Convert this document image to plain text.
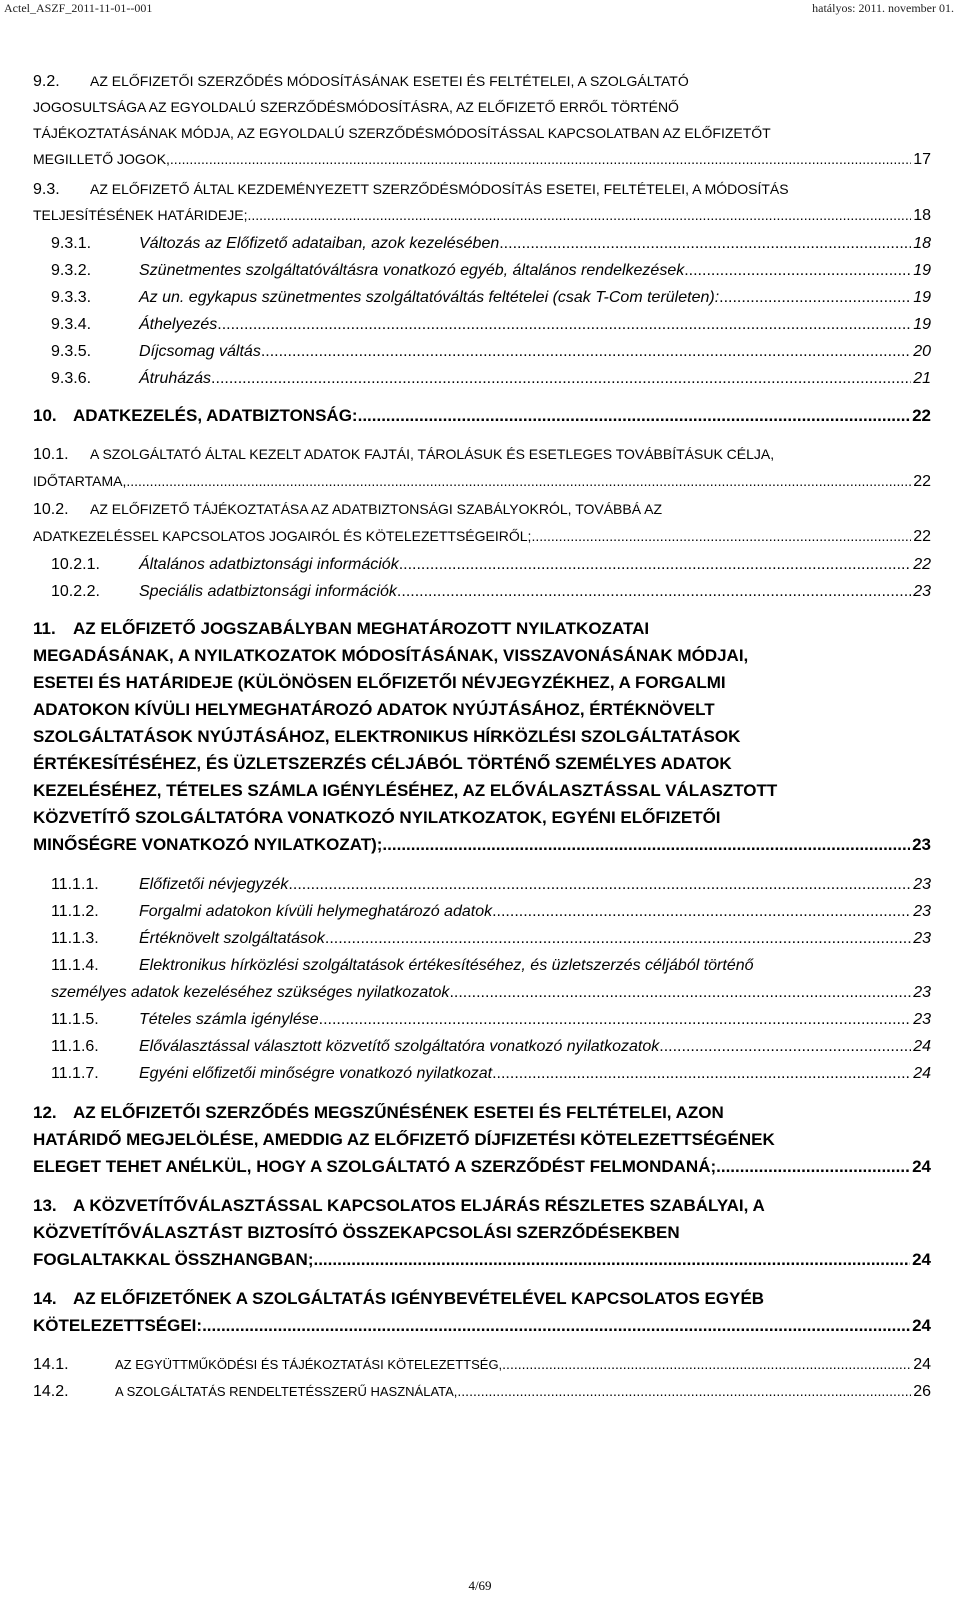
Actel_ASZF_2011-11-01--001	hatályos: 2011. november 01.
9.2.	AZ ELŐFIZETŐI SZERZŐDÉS MÓDOSÍTÁSÁNAK ESETEI ÉS FELTÉTELEI, A SZOLGÁLTATÓ
JOGOSULTSÁGA AZ EGYOLDALÚ SZERZŐDÉSMÓDOSÍTÁSRA, AZ ELŐFIZETŐ ERRŐL TÖRTÉNŐ
TÁJÉKOZTATÁSÁNAK MÓDJA, AZ EGYOLDALÚ SZERZŐDÉSMÓDOSÍTÁSSAL KAPCSOLATBAN AZ ELŐFIZETŐT
MEGILLETŐ JOGOK, .....	17
9.3.	AZ ELŐFIZETŐ ÁLTAL KEZDEMÉNYEZETT SZERZŐDÉSMÓDOSÍTÁS ESETEI, FELTÉTELEI, A MÓDOSÍTÁS
TELJESÍTÉSÉNEK HATÁRIDEJE; .....	18
9.3.1.	Változás az Előfizető adataiban, azok kezelésében .....	18
9.3.2.	Szünetmentes szolgáltatóváltásra vonatkozó egyéb, általános rendelkezések .....	19
9.3.3.	Az un. egykapus szünetmentes szolgáltatóváltás feltételei (csak T-Com területen): .....	19
9.3.4.	Áthelyezés .....	19
9.3.5.	Díjcsomag váltás .....	20
9.3.6.	Átruházás .....	21
10. ADATKEZELÉS, ADATBIZTONSÁG: .....	22
10.1.	A SZOLGÁLTATÓ ÁLTAL KEZELT ADATOK FAJTÁI, TÁROLÁSUK ÉS ESETLEGES TOVÁBBÍTÁSUK CÉLJA,
IDŐTARTAMA, .....	22
10.2.	AZ ELŐFIZETŐ TÁJÉKOZTATÁSA AZ ADATBIZTONSÁGI SZABÁLYOKRÓL, TOVÁBBÁ AZ
ADATKEZELÉSSEL KAPCSOLATOS JOGAIRÓL ÉS KÖTELEZETTSÉGEIRŐL; .....	22
10.2.1.	Általános adatbiztonsági információk .....	22
10.2.2.	Speciális adatbiztonsági információk .....	23
11.	AZ ELŐFIZETŐ JOGSZABÁLYBAN MEGHATÁROZOTT NYILATKOZATAI
MEGADÁSÁNAK, A NYILATKOZATOK MÓDOSÍTÁSÁNAK, VISSZAVONÁSÁNAK MÓDJAI,
ESETEI ÉS HATÁRIDEJE (KÜLÖNÖSEN ELŐFIZETŐI NÉVJEGYZÉKHEZ, A FORGALMI
ADATOKON KÍVÜLI HELYMEGHATÁROZÓ ADATOK NYÚJTÁSÁHOZ, ÉRTÉKNÖVELT
SZOLGÁLTATÁSOK NYÚJTÁSÁHOZ, ELEKTRONIKUS HÍRKÖZLÉSI SZOLGÁLTATÁSOK
ÉRTÉKESÍTÉSÉHEZ, ÉS ÜZLETSZERZÉS CÉLJÁBÓL TÖRTÉNŐ SZEMÉLYES ADATOK
KEZELÉSÉHEZ, TÉTELES SZÁMLA IGÉNYLÉSÉHEZ, AZ ELŐVÁLASZTÁSSAL VÁLASZTOTT
KÖZVETÍTŐ SZOLGÁLTATÓRA VONATKOZÓ NYILATKOZATOK, EGYÉNI ELŐFIZETŐI
MINŐSÉGRE VONATKOZÓ NYILATKOZAT); .....	23
11.1.1.	Előfizetői névjegyzék .....	23
11.1.2.	Forgalmi adatokon kívüli helymeghatározó adatok .....	23
11.1.3.	Értéknövelt szolgáltatások .....	23
11.1.4.	Elektronikus hírközlési szolgáltatások értékesítéséhez, és üzletszerzés céljából történő
személyes adatok kezeléséhez szükséges nyilatkozatok .....	23
11.1.5.	Tételes számla igénylése .....	23
11.1.6.	Előválasztással választott közvetítő szolgáltatóra vonatkozó nyilatkozatok .....	24
11.1.7.	Egyéni előfizetői minőségre vonatkozó nyilatkozat .....	24
12. AZ ELŐFIZETŐI SZERZŐDÉS MEGSZŰNÉSÉNEK ESETEI ÉS FELTÉTELEI, AZON
HATÁRIDŐ MEGJELÖLÉSE, AMEDDIG AZ ELŐFIZETŐ DÍJFIZETÉSI KÖTELEZETTSÉGÉNEK
ELEGET TEHET ANÉLKÜL, HOGY A SZOLGÁLTATÓ A SZERZŐDÉST FELMONDANÁ; .....	24
13. A KÖZVETÍTŐVÁLASZTÁSSAL KAPCSOLATOS ELJÁRÁS RÉSZLETES SZABÁLYAI, A
KÖZVETÍTŐVÁLASZTÁST BIZTOSÍTÓ ÖSSZEKAPCSOLÁSI SZERZŐDÉSEKBEN
FOGLALTAKKAL ÖSSZHANGBAN; .....	24
14. AZ ELŐFIZETŐNEK A SZOLGÁLTATÁS IGÉNYBEVÉTELÉVEL KAPCSOLATOS EGYÉB
KÖTELEZETTSÉGEI: .....	24
14.1.	AZ EGYÜTTMŰKÖDÉSI ÉS TÁJÉKOZTATÁSI KÖTELEZETTSÉG, .....	24
14.2.	A SZOLGÁLTATÁS RENDELTETÉSSZERŰ HASZNÁLATA, .....	26
4/69
